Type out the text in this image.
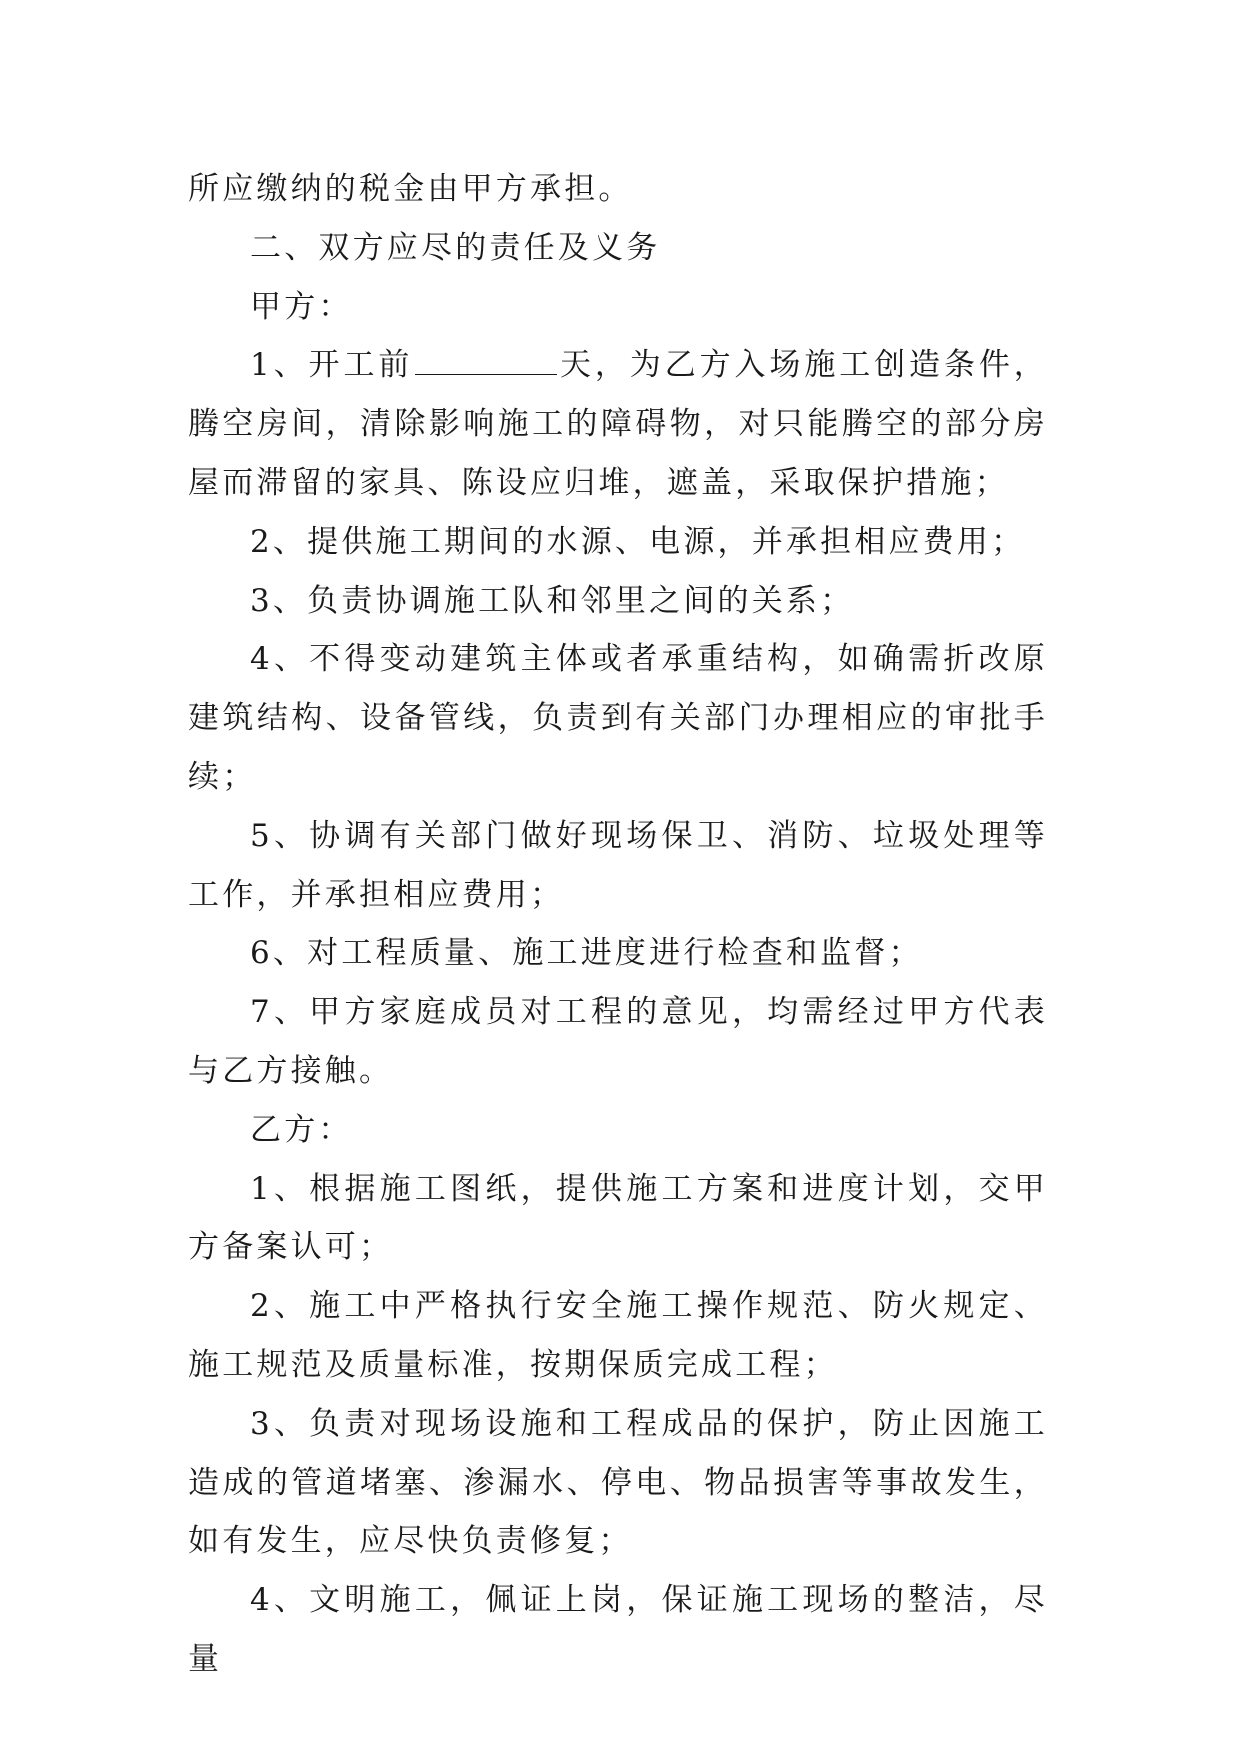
所应缴纳的税金由甲方承担。

二、双方应尽的责任及义务

甲方：

1、开工前	天，为乙方入场施工创造条件，腾空房间，清除影响施工的障碍物，对只能腾空的部分房屋而滞留的家具、陈设应归堆，遮盖，采取保护措施；

2、提供施工期间的水源、电源，并承担相应费用；

3、负责协调施工队和邻里之间的关系；

4、不得变动建筑主体或者承重结构，如确需折改原建筑结构、设备管线，负责到有关部门办理相应的审批手续；

5、协调有关部门做好现场保卫、消防、垃圾处理等工作，并承担相应费用；

6、对工程质量、施工进度进行检查和监督；

7、甲方家庭成员对工程的意见，均需经过甲方代表与乙方接触。

乙方：

1、根据施工图纸，提供施工方案和进度计划，交甲方备案认可；

2、施工中严格执行安全施工操作规范、防火规定、施工规范及质量标准，按期保质完成工程；

3、负责对现场设施和工程成品的保护，防止因施工造成的管道堵塞、渗漏水、停电、物品损害等事故发生，如有发生，应尽快负责修复；

4、文明施工，佩证上岗，保证施工现场的整洁，尽量
